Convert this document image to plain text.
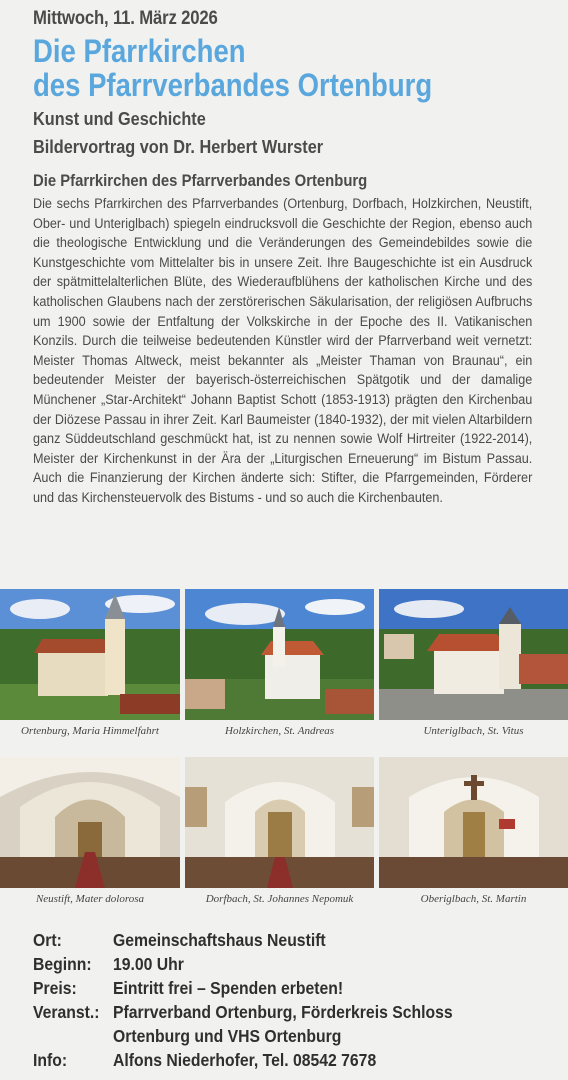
Mittwoch, 11. März 2026
Die Pfarrkirchen
des Pfarrverbandes Ortenburg
Kunst und Geschichte
Bildervortrag von Dr. Herbert Wurster
Die Pfarrkirchen des Pfarrverbandes Ortenburg

Die sechs Pfarrkirchen des Pfarrverbandes (Ortenburg, Dorfbach, Holzkirchen, Neustift, Ober- und Unteriglbach) spiegeln eindrucksvoll die Geschichte der Region, ebenso auch die theologische Entwicklung und die Veränderungen des Gemeindebildes sowie die Kunstgeschichte vom Mittelalter bis in unsere Zeit. Ihre Baugeschichte ist ein Ausdruck der spätmittelalterlichen Blüte, des Wiederaufblühens der katholischen Kirche und des katholischen Glaubens nach der zerstörerischen Säkularisation, der religiösen Aufbruchs um 1900 sowie der Entfaltung der Volkskirche in der Epoche des II. Vatikanischen Konzils. Durch die teilweise bedeutenden Künstler wird der Pfarrverband weit vernetzt: Meister Thomas Altweck, meist bekannter als „Meister Thaman von Braunau“, ein bedeutender Meister der bayerisch-österreichischen Spätgotik und der damalige Münchener „Star-Architekt“ Johann Baptist Schott (1853-1913) prägten den Kirchenbau der Diözese Passau in ihrer Zeit. Karl Baumeister (1840-1932), der mit vielen Altarbildern ganz Süddeutschland geschmückt hat, ist zu nennen sowie Wolf Hirtreiter (1922-2014), Meister der Kirchenkunst in der Ära der „Liturgischen Erneuerung“ im Bistum Passau. Auch die Finanzierung der Kirchen änderte sich: Stifter, die Pfarrgemeinden, Förderer und das Kirchensteuervolk des Bistums - und so auch die Kirchenbauten.

Ortenburg, Maria Himmelfahrt	Holzkirchen, St. Andreas	Unteriglbach, St. Vitus
Neustift, Mater dolorosa	Dorfbach, St. Johannes Nepomuk	Oberiglbach, St. Martin
Ort:	Gemeinschaftshaus Neustift
Beginn:	19.00 Uhr
Preis:	Eintritt frei – Spenden erbeten!
Veranst.: Pfarrverband Ortenburg, Förderkreis Schloss
Ortenburg und VHS Ortenburg
Info:	Alfons Niederhofer, Tel. 08542 7678
